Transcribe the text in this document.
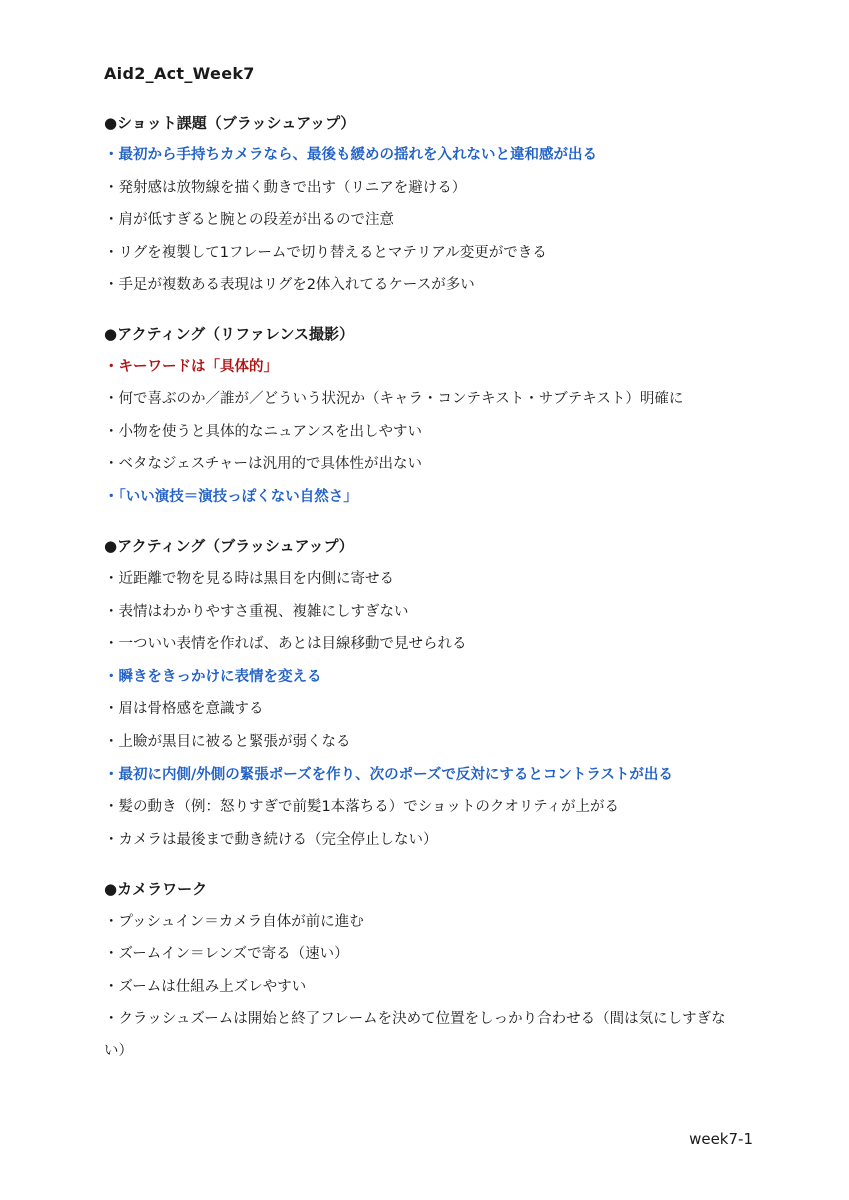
Aid2_Act_Week7
●ショット課題（ブラッシュアップ）
・最初から手持ちカメラなら、最後も緩めの揺れを入れないと違和感が出る
・発射感は放物線を描く動きで出す（リニアを避ける）
・肩が低すぎると腕との段差が出るので注意
・リグを複製して1フレームで切り替えるとマテリアル変更ができる
・手足が複数ある表現はリグを2体入れてるケースが多い
●アクティング（リファレンス撮影）
・キーワードは「具体的」
・何で喜ぶのか／誰が／どういう状況か（キャラ・コンテキスト・サブテキスト）明確に
・小物を使うと具体的なニュアンスを出しやすい
・ベタなジェスチャーは汎用的で具体性が出ない
・「いい演技＝演技っぽくない自然さ」
●アクティング（ブラッシュアップ）
・近距離で物を見る時は黒目を内側に寄せる
・表情はわかりやすさ重視、複雑にしすぎない
・一ついい表情を作れば、あとは目線移動で見せられる
・瞬きをきっかけに表情を変える
・眉は骨格感を意識する
・上瞼が黒目に被ると緊張が弱くなる
・最初に内側/外側の緊張ポーズを作り、次のポーズで反対にするとコントラストが出る
・髪の動き（例：怒りすぎで前髪1本落ちる）でショットのクオリティが上がる
・カメラは最後まで動き続ける（完全停止しない）
●カメラワーク
・プッシュイン＝カメラ自体が前に進む
・ズームイン＝レンズで寄る（速い）
・ズームは仕組み上ズレやすい
・クラッシュズームは開始と終了フレームを決めて位置をしっかり合わせる（間は気にしすぎない）
week7-1
